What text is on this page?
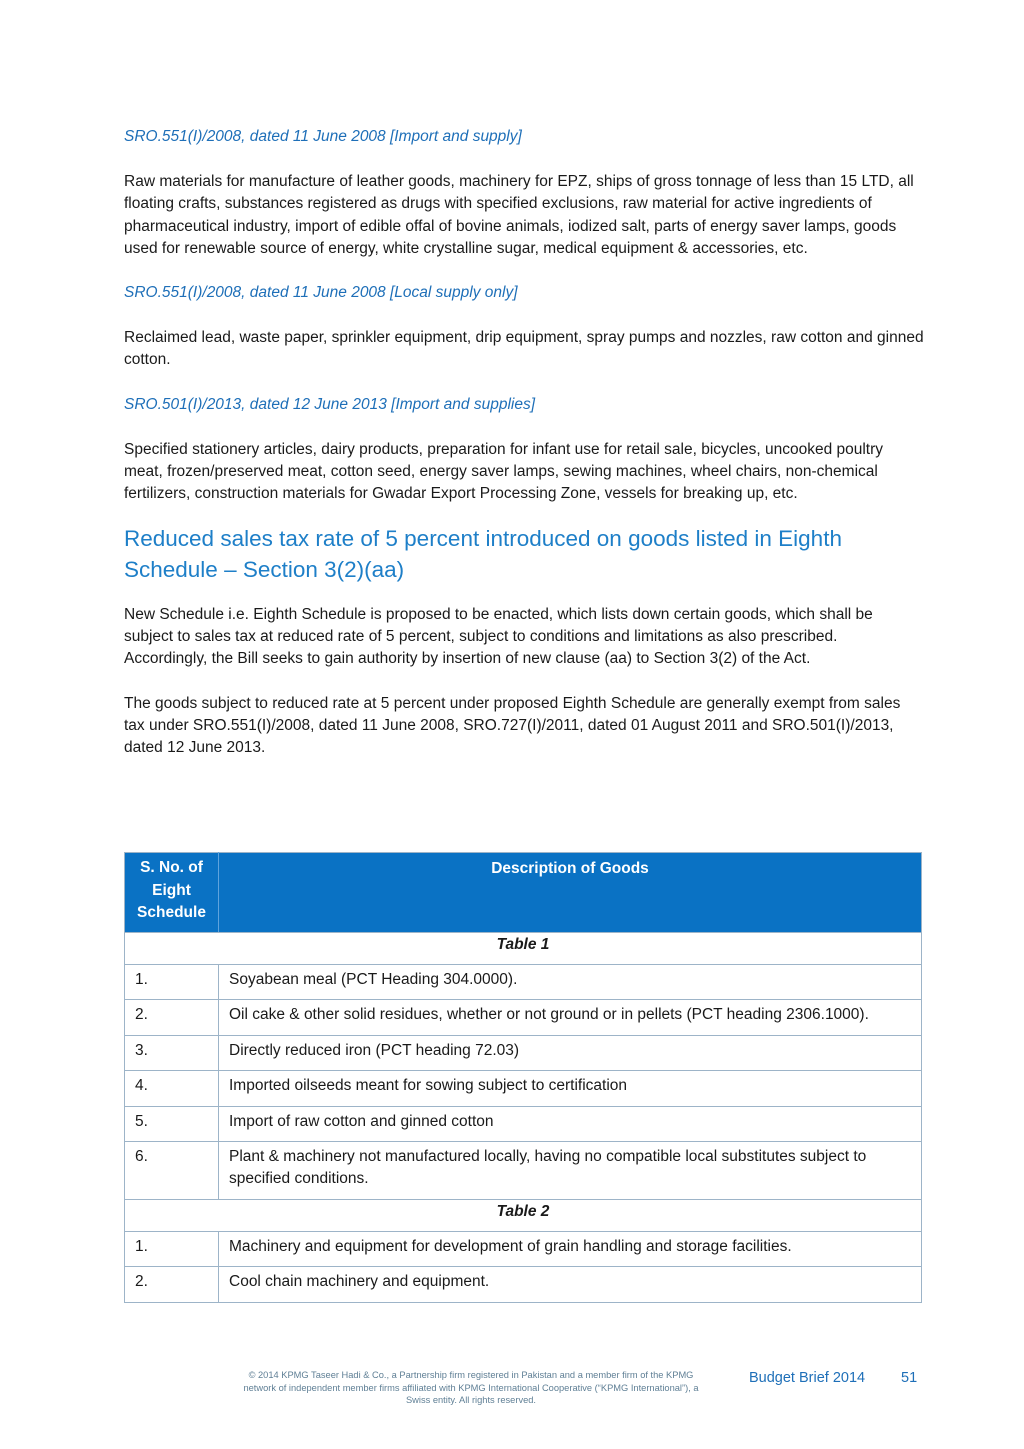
SRO.551(I)/2008, dated 11 June 2008 [Import and supply]

Raw materials for manufacture of leather goods, machinery for EPZ, ships of gross tonnage of less than 15 LTD, all floating crafts, substances registered as drugs with specified exclusions, raw material for active ingredients of pharmaceutical industry, import of edible offal of bovine animals, iodized salt, parts of energy saver lamps, goods used for renewable source of energy, white crystalline sugar, medical equipment & accessories, etc.

SRO.551(I)/2008, dated 11 June 2008 [Local supply only]

Reclaimed lead, waste paper, sprinkler equipment, drip equipment, spray pumps and nozzles, raw cotton and ginned cotton.

SRO.501(I)/2013, dated 12 June 2013 [Import and supplies]

Specified stationery articles, dairy products, preparation for infant use for retail sale, bicycles, uncooked poultry meat, frozen/preserved meat, cotton seed, energy saver lamps, sewing machines, wheel chairs, non-chemical fertilizers, construction materials for Gwadar Export Processing Zone, vessels for breaking up, etc.

Reduced sales tax rate of 5 percent introduced on goods listed in Eighth Schedule – Section 3(2)(aa)

New Schedule i.e. Eighth Schedule is proposed to be enacted, which lists down certain goods, which shall be subject to sales tax at reduced rate of 5 percent, subject to conditions and limitations as also prescribed. Accordingly, the Bill seeks to gain authority by insertion of new clause (aa) to Section 3(2) of the Act.

The goods subject to reduced rate at 5 percent under proposed Eighth Schedule are generally exempt from sales tax under SRO.551(I)/2008, dated 11 June 2008, SRO.727(I)/2011, dated 01 August 2011 and SRO.501(I)/2013, dated 12 June 2013.

S. No. of Eight Schedule	Description of Goods

Table 1	
1.	Soyabean meal (PCT Heading 304.0000).
2.	Oil cake & other solid residues, whether or not ground or in pellets (PCT heading 2306.1000).
3.	Directly reduced iron (PCT heading 72.03)
4.	Imported oilseeds meant for sowing subject to certification
5.	Import of raw cotton and ginned cotton
6.	Plant & machinery not manufactured locally, having no compatible local substitutes subject to specified conditions.
Table 2	
1.	Machinery and equipment for development of grain handling and storage facilities.
2.	Cool chain machinery and equipment.
© 2014 KPMG Taseer Hadi & Co., a Partnership firm registered in Pakistan and a member firm of the KPMG network of independent member firms affiliated with KPMG International Cooperative (“KPMG International”), a Swiss entity. All rights reserved.
Budget Brief 2014 51
